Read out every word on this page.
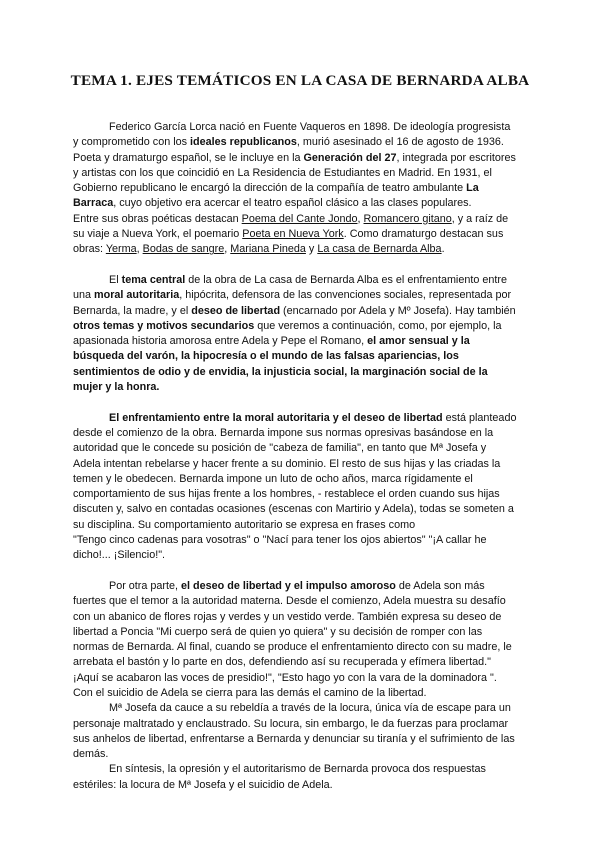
TEMA 1. EJES TEMÁTICOS EN LA CASA DE BERNARDA ALBA
Federico García Lorca nació en Fuente Vaqueros en 1898. De ideología progresista
y comprometido con los ideales republicanos, murió asesinado el 16 de agosto de 1936.
Poeta y dramaturgo español, se le incluye en la Generación del 27, integrada por escritores
y artistas con los que coincidió en La Residencia de Estudiantes en Madrid. En 1931, el
Gobierno republicano le encargó la dirección de la compañía de teatro ambulante La
Barraca, cuyo objetivo era acercar el teatro español clásico a las clases populares.
Entre sus obras poéticas destacan Poema del Cante Jondo, Romancero gitano, y a raíz de
su viaje a Nueva York, el poemario Poeta en Nueva York. Como dramaturgo destacan sus
obras: Yerma, Bodas de sangre, Mariana Pineda y La casa de Bernarda Alba.
El tema central de la obra de La casa de Bernarda Alba es el enfrentamiento entre
una moral autoritaria, hipócrita, defensora de las convenciones sociales, representada por
Bernarda, la madre, y el deseo de libertad (encarnado por Adela y Mº Josefa). Hay también
otros temas y motivos secundarios que veremos a continuación, como, por ejemplo, la
apasionada historia amorosa entre Adela y Pepe el Romano, el amor sensual y la
búsqueda del varón, la hipocresía o el mundo de las falsas apariencias, los
sentimientos de odio y de envidia, la injusticia social, la marginación social de la
mujer y la honra.
El enfrentamiento entre la moral autoritaria y el deseo de libertad está planteado
desde el comienzo de la obra. Bernarda impone sus normas opresivas basándose en la
autoridad que le concede su posición de "cabeza de familia", en tanto que Mª Josefa y
Adela intentan rebelarse y hacer frente a su dominio. El resto de sus hijas y las criadas la
temen y le obedecen. Bernarda impone un luto de ocho años, marca rígidamente el
comportamiento de sus hijas frente a los hombres, - restablece el orden cuando sus hijas
discuten y, salvo en contadas ocasiones (escenas con Martirio y Adela), todas se someten a
su disciplina. Su comportamiento autoritario se expresa en frases como
"Tengo cinco cadenas para vosotras" o "Nací para tener los ojos abiertos" "¡A callar he
dicho!... ¡Silencio!".
Por otra parte, el deseo de libertad y el impulso amoroso de Adela son más
fuertes que el temor a la autoridad materna. Desde el comienzo, Adela muestra su desafío
con un abanico de flores rojas y verdes y un vestido verde. También expresa su deseo de
libertad a Poncia "Mi cuerpo será de quien yo quiera" y su decisión de romper con las
normas de Bernarda. Al final, cuando se produce el enfrentamiento directo con su madre, le
arrebata el bastón y lo parte en dos, defendiendo así su recuperada y efímera libertad."
¡Aquí se acabaron las voces de presidio!", "Esto hago yo con la vara de la dominadora ".
Con el suicidio de Adela se cierra para las demás el camino de la libertad.
Mª Josefa da cauce a su rebeldía a través de la locura, única vía de escape para un
personaje maltratado y enclaustrado. Su locura, sin embargo, le da fuerzas para proclamar
sus anhelos de libertad, enfrentarse a Bernarda y denunciar su tiranía y el sufrimiento de las
demás.
En síntesis, la opresión y el autoritarismo de Bernarda provoca dos respuestas
estériles: la locura de Mª Josefa y el suicidio de Adela.
